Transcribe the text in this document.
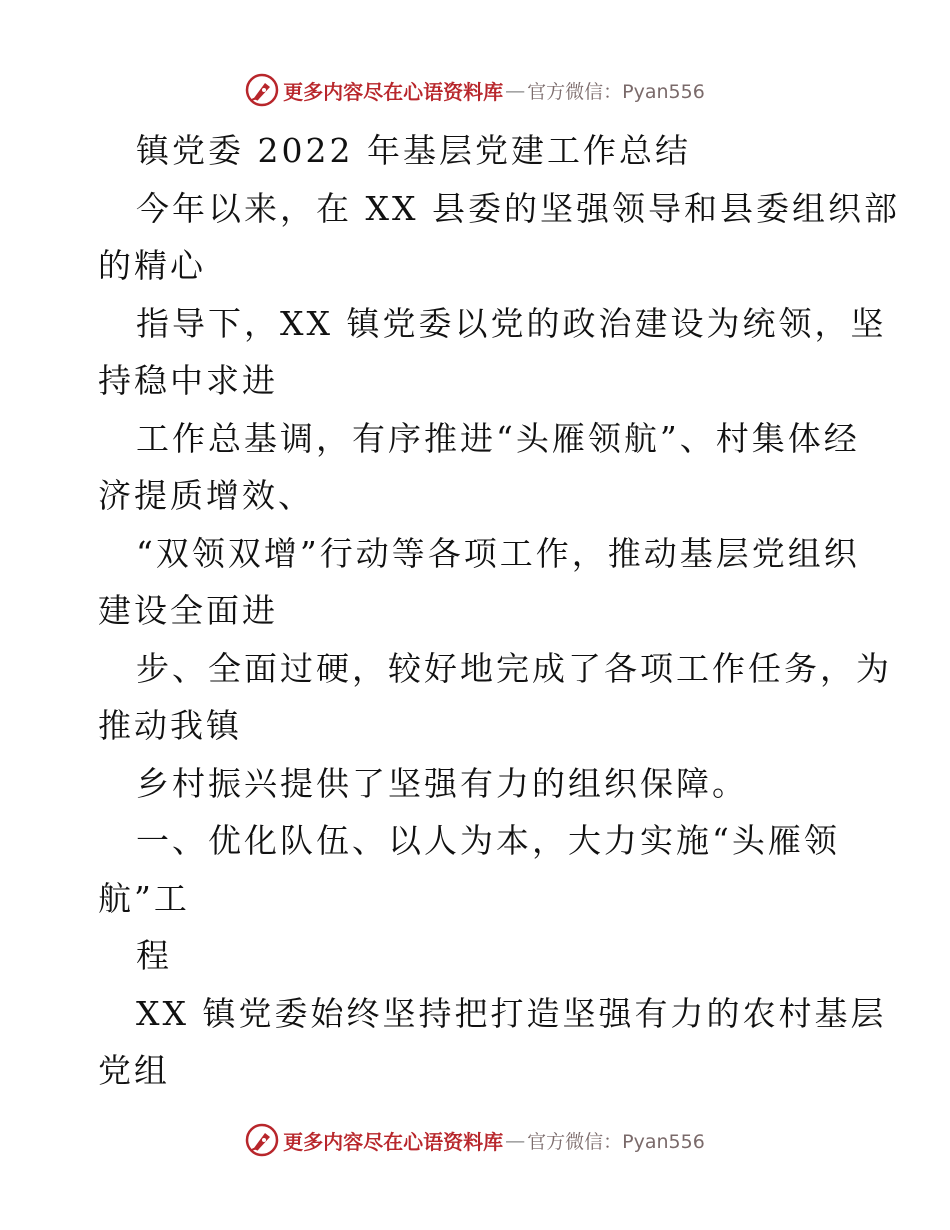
更多内容尽在心语资料库 — 官方微信：Pyan556
镇党委 2022 年基层党建工作总结
今年以来，在 XX 县委的坚强领导和县委组织部
的精心
指导下，XX 镇党委以党的政治建设为统领，坚
持稳中求进
工作总基调，有序推进“头雁领航”、村集体经
济提质增效、
“双领双增”行动等各项工作，推动基层党组织
建设全面进
步、全面过硬，较好地完成了各项工作任务，为
推动我镇
乡村振兴提供了坚强有力的组织保障。
一、优化队伍、以人为本，大力实施“头雁领
航”工
程
XX 镇党委始终坚持把打造坚强有力的农村基层
党组
更多内容尽在心语资料库 — 官方微信：Pyan556
